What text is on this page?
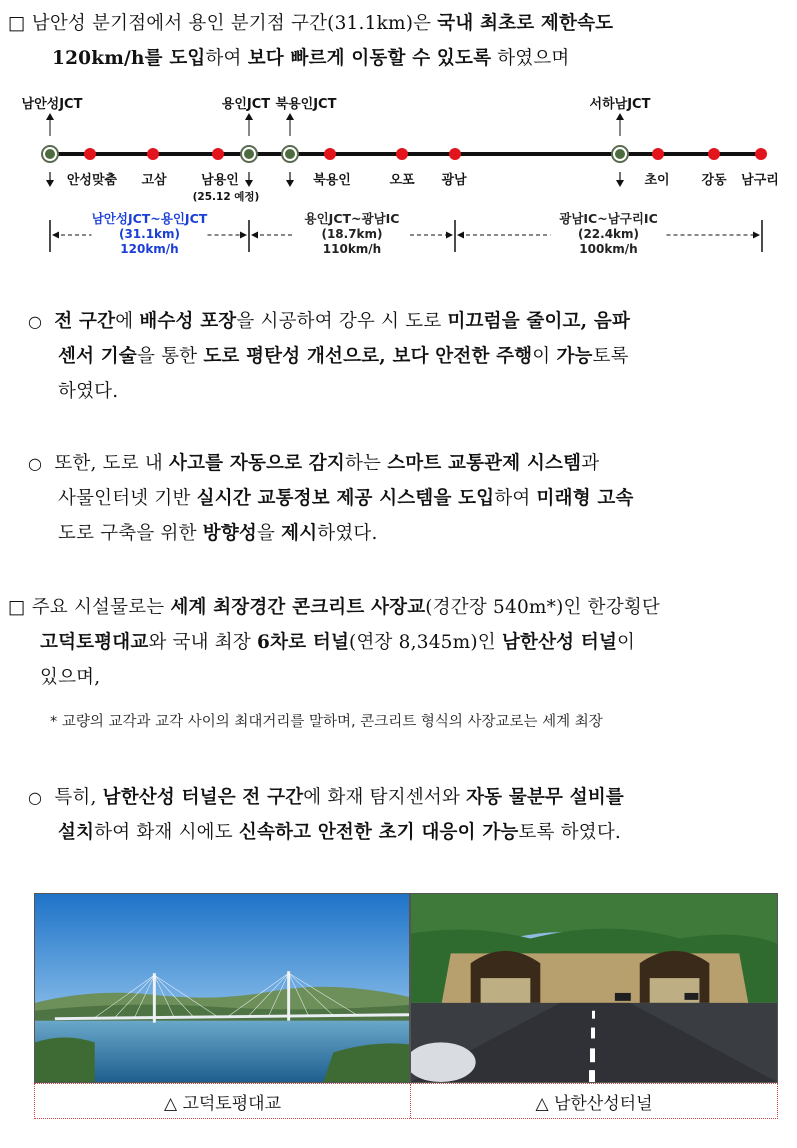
□ 남안성 분기점에서 용인 분기점 구간(31.1km)은 국내 최초로 제한속도
120km/h를 도입하여 보다 빠르게 이동할 수 있도록 하였으며
남안성JCT	용인JCT 북용인JCT	서하남JCT
안성맞춤 고삼	남용인	북용인	오포 광남	초이 강동 남구리
(25.12 예정)
남안성JCT~용인JCT
(31.1km)
120km/h
용인JCT~광남IC
(18.7km)
110km/h
광남IC~남구리IC
(22.4km)
100km/h
○ 전 구간에 배수성 포장을 시공하여 강우 시 도로 미끄럼을 줄이고, 음파
센서 기술을 통한 도로 평탄성 개선으로, 보다 안전한 주행이 가능토록
하였다.
○ 또한, 도로 내 사고를 자동으로 감지하는 스마트 교통관제 시스템과
사물인터넷 기반 실시간 교통정보 제공 시스템을 도입하여 미래형 고속
도로 구축을 위한 방향성을 제시하였다.
□ 주요 시설물로는 세계 최장경간 콘크리트 사장교(경간장 540m*)인 한강횡단
고덕토평대교와 국내 최장 6차로 터널(연장 8,345m)인 남한산성 터널이
있으며,
* 교량의 교각과 교각 사이의 최대거리를 말하며, 콘크리트 형식의 사장교로는 세계 최장
○ 특히, 남한산성 터널은 전 구간에 화재 탐지센서와 자동 물분무 설비를
설치하여 화재 시에도 신속하고 안전한 초기 대응이 가능토록 하였다.
△ 고덕토평대교	△ 남한산성터널
